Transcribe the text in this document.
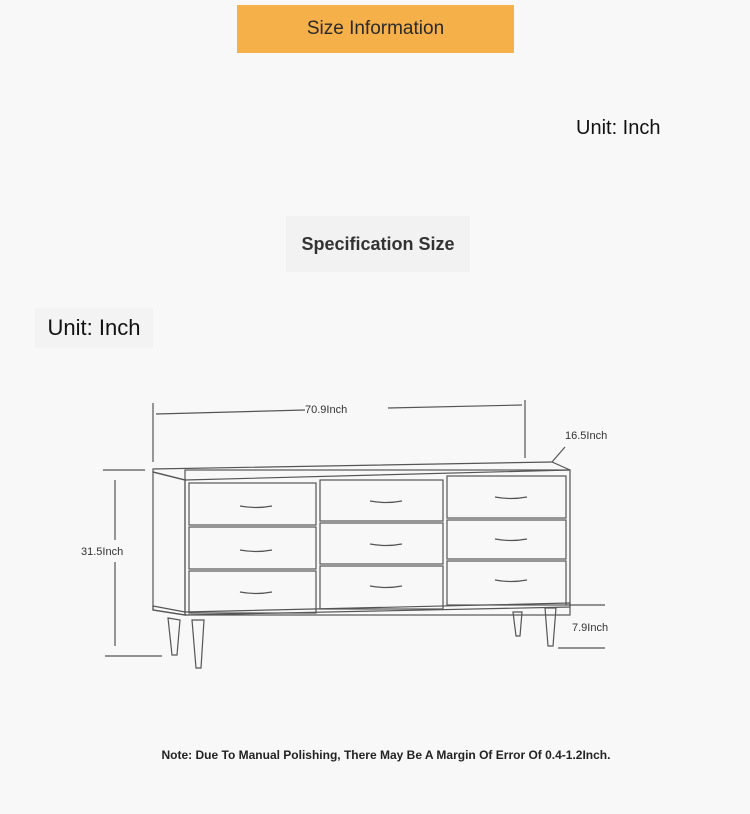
Size Information
Unit: Inch
Specification Size
Unit: Inch
70.9Inch
16.5Inch
31.5Inch
7.9Inch
Note: Due To Manual Polishing, There May Be A Margin Of Error Of 0.4-1.2Inch.
